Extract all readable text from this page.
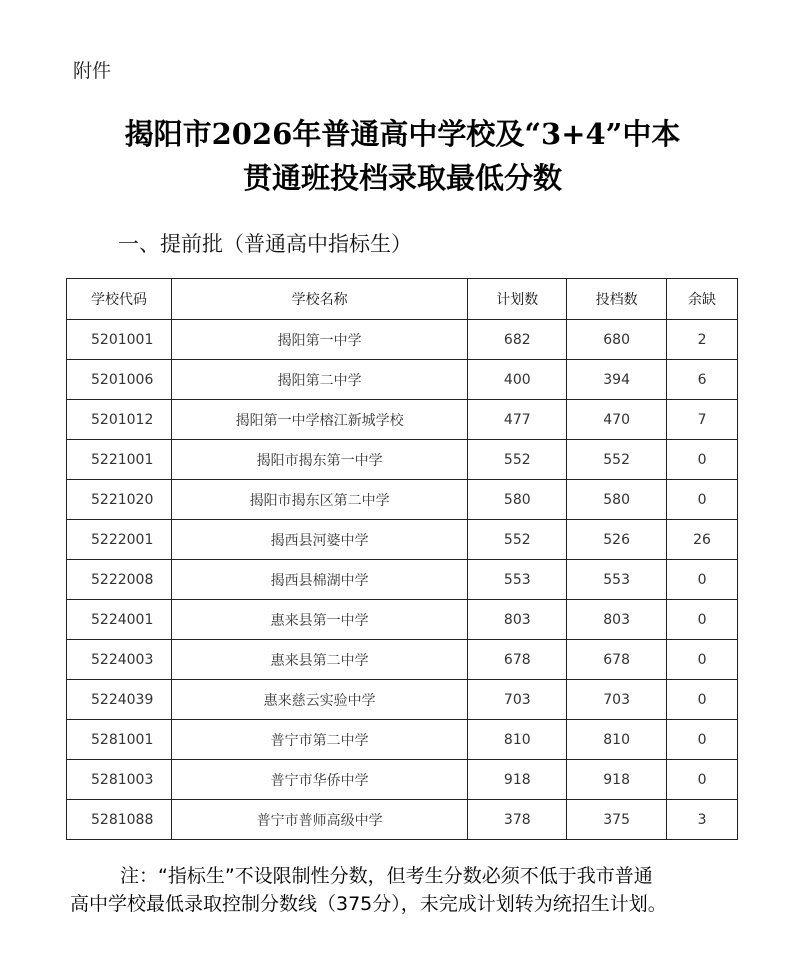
附件
揭阳市2026年普通高中学校及“3+4”中本
贯通班投档录取最低分数
一、提前批（普通高中指标生）
学校代码	学校名称	计划数	投档数	余缺
5201001	揭阳第一中学	682	680	2
5201006	揭阳第二中学	400	394	6
5201012	揭阳第一中学榕江新城学校	477	470	7
5221001	揭阳市揭东第一中学	552	552	0
5221020	揭阳市揭东区第二中学	580	580	0
5222001	揭西县河婆中学	552	526	26
5222008	揭西县棉湖中学	553	553	0
5224001	惠来县第一中学	803	803	0
5224003	惠来县第二中学	678	678	0
5224039	惠来慈云实验中学	703	703	0
5281001	普宁市第二中学	810	810	0
5281003	普宁市华侨中学	918	918	0
5281088	普宁市普师高级中学	378	375	3
注：“指标生”不设限制性分数，但考生分数必须不低于我市普通
高中学校最低录取控制分数线（375分），未完成计划转为统招生计划。
